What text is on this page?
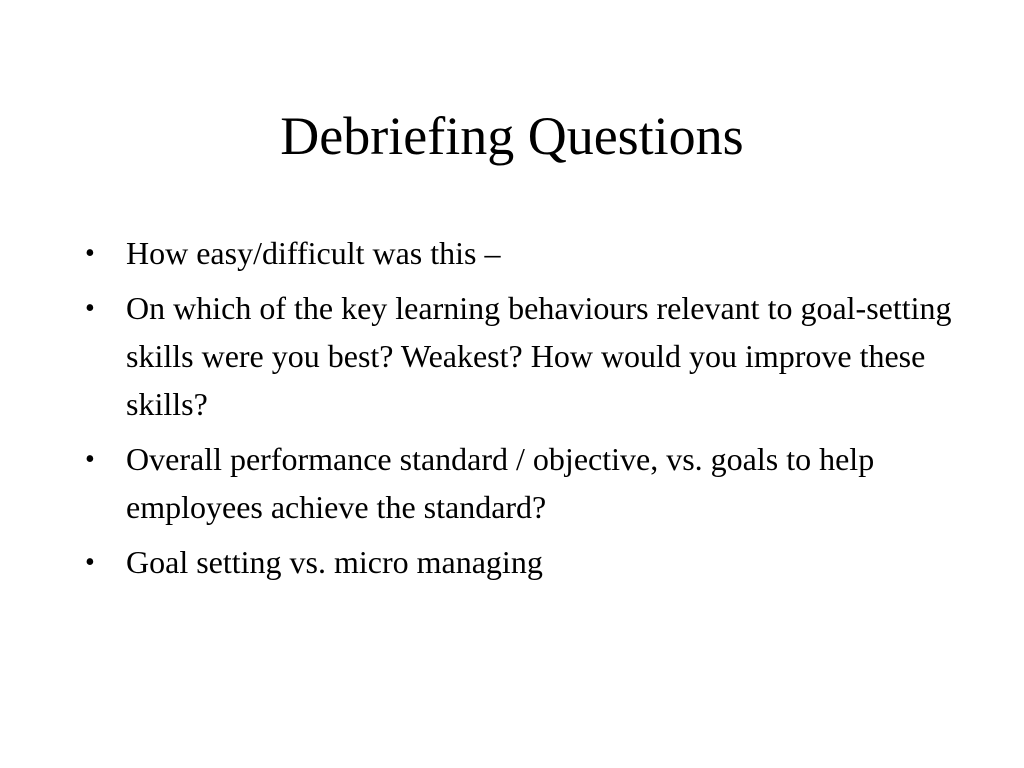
Debriefing Questions
• How easy/difficult was this –
• On which of the key learning behaviours relevant to goal-setting skills were you best? Weakest? How would you improve these skills?
• Overall performance standard / objective, vs. goals to help employees achieve the standard?
• Goal setting vs. micro managing
